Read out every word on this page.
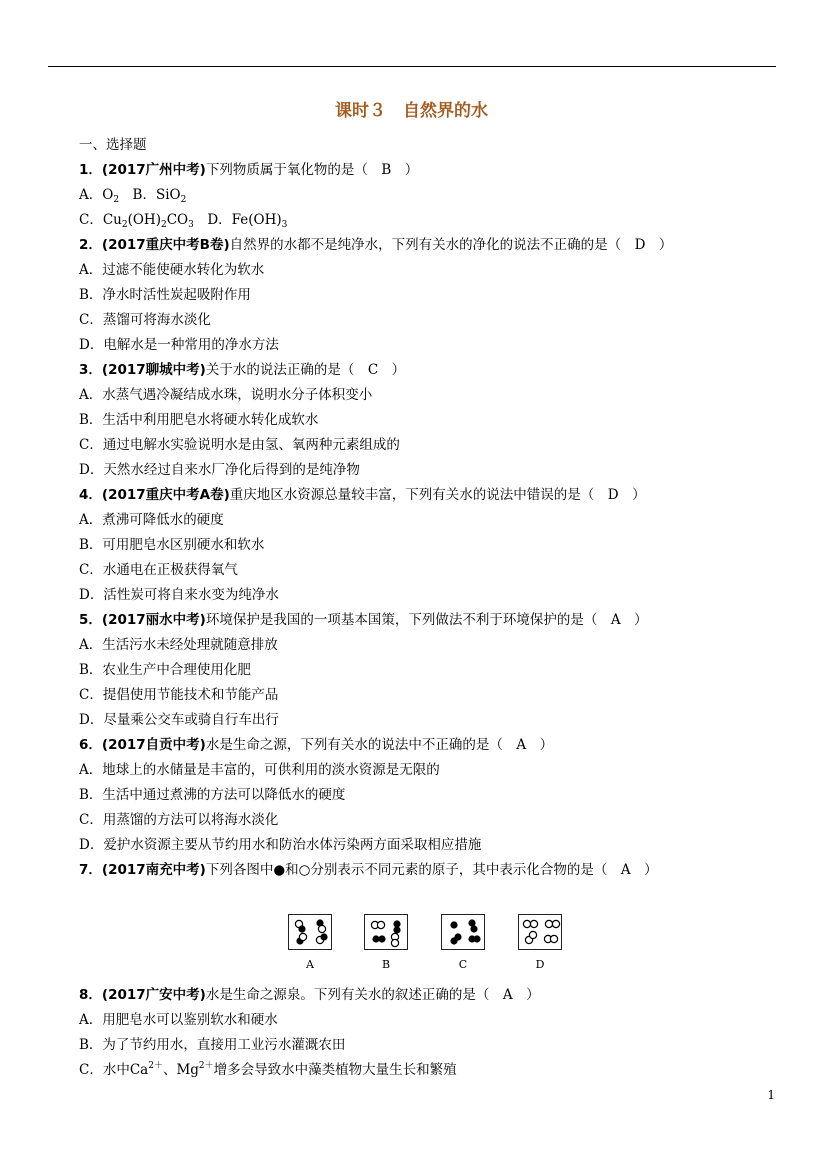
课时３　自然界的水
一、选择题
1．(2017广州中考)下列物质属于氧化物的是（　B　）
A．$O_2$　B．SiO$_2$
C．$Cu_2(OH)_2CO_3$　D．$Fe(OH)_3$
2．(2017重庆中考B卷)自然界的水都不是纯净水，下列有关水的净化的说法不正确的是（　D　）
A．过滤不能使硬水转化为软水
B．净水时活性炭起吸附作用
C．蒸馏可将海水淡化
D．电解水是一种常用的净水方法
3．(2017聊城中考)关于水的说法正确的是（　C　）
A．水蒸气遇冷凝结成水珠，说明水分子体积变小
B．生活中利用肥皂水将硬水转化成软水
C．通过电解水实验说明水是由氢、氧两种元素组成的
D．天然水经过自来水厂净化后得到的是纯净物
4．(2017重庆中考A卷)重庆地区水资源总量较丰富，下列有关水的说法中错误的是（　D　）
A．煮沸可降低水的硬度
B．可用肥皂水区别硬水和软水
C．水通电在正极获得氧气
D．活性炭可将自来水变为纯净水
5．(2017丽水中考)环境保护是我国的一项基本国策，下列做法不利于环境保护的是（　A　）
A．生活污水未经处理就随意排放
B．农业生产中合理使用化肥
C．提倡使用节能技术和节能产品
D．尽量乘公交车或骑自行车出行
6．(2017自贡中考)水是生命之源，下列有关水的说法中不正确的是（　A　）
A．地球上的水储量是丰富的，可供利用的淡水资源是无限的
B．生活中通过煮沸的方法可以降低水的硬度
C．用蒸馏的方法可以将海水淡化
D．爱护水资源主要从节约用水和防治水体污染两方面采取相应措施
7．(2017南充中考)下列各图中●和○分别表示不同元素的原子，其中表示化合物的是（　A　）
A	B	C	D
8．(2017广安中考)水是生命之源泉。下列有关水的叙述正确的是（　A　）
A．用肥皂水可以鉴别软水和硬水
B．为了节约用水，直接用工业污水灌溉农田
C．水中$Ca^{2+}$、$Mg^{2+}$增多会导致水中藻类植物大量生长和繁殖
1
